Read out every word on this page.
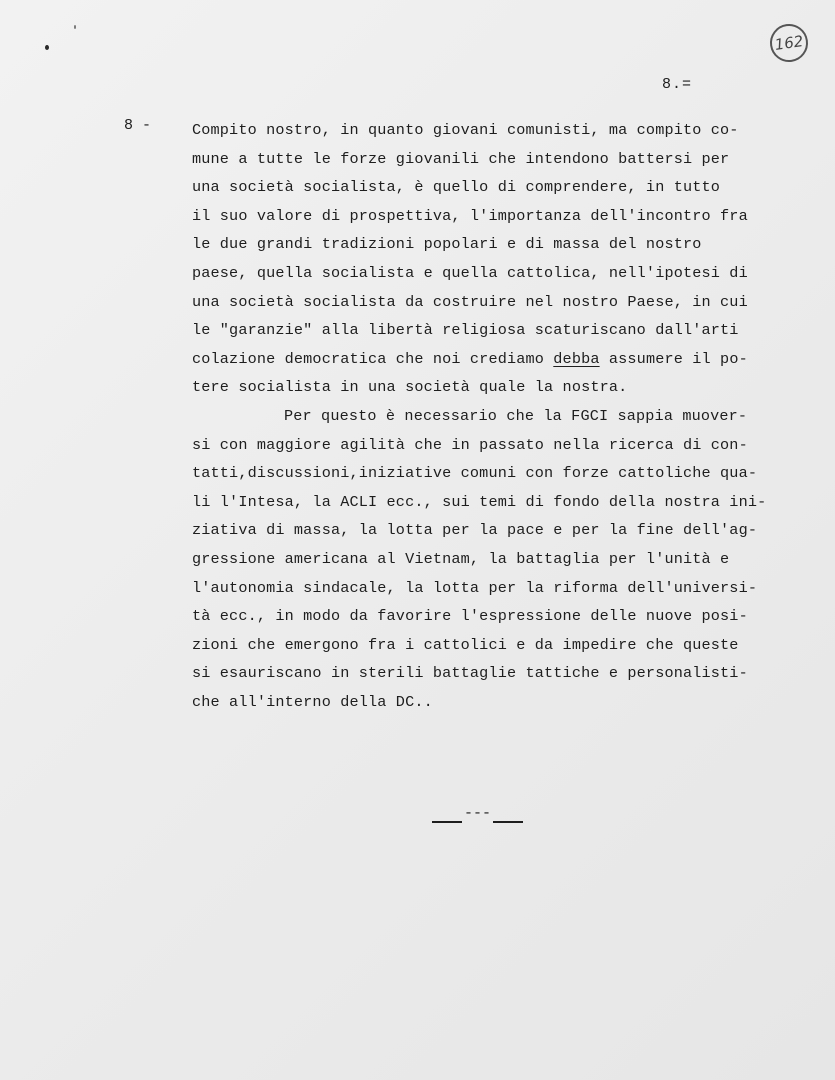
162
8.=
8 -	Compito nostro, in quanto giovani comunisti, ma compito co-
mune a tutte le forze giovanili che intendono battersi per
una società socialista, è quello di comprendere, in tutto
il suo valore di prospettiva, l'importanza dell'incontro fra
le due grandi tradizioni popolari e di massa del nostro
paese, quella socialista e quella cattolica, nell'ipotesi di
una società socialista da costruire nel nostro Paese, in cui
le "garanzie" alla libertà religiosa scaturiscano dall'arti
colazione democratica che noi crediamo debba assumere il po-
tere socialista in una società quale la nostra.
Per questo è necessario che la FGCI sappia muover-
si con maggiore agilità che in passato nella ricerca di con-
tatti,discussioni,iniziative comuni con forze cattoliche qua-
li l'Intesa, la ACLI ecc., sui temi di fondo della nostra ini-
ziativa di massa, la lotta per la pace e per la fine dell'ag-
gressione americana al Vietnam, la battaglia per l'unità e
l'autonomia sindacale, la lotta per la riforma dell'universi-
tà ecc., in modo da favorire l'espressione delle nuove posi-
zioni che emergono fra i cattolici e da impedire che queste
si esauriscano in sterili battaglie tattiche e personalisti-
che all'interno della DC..

---
